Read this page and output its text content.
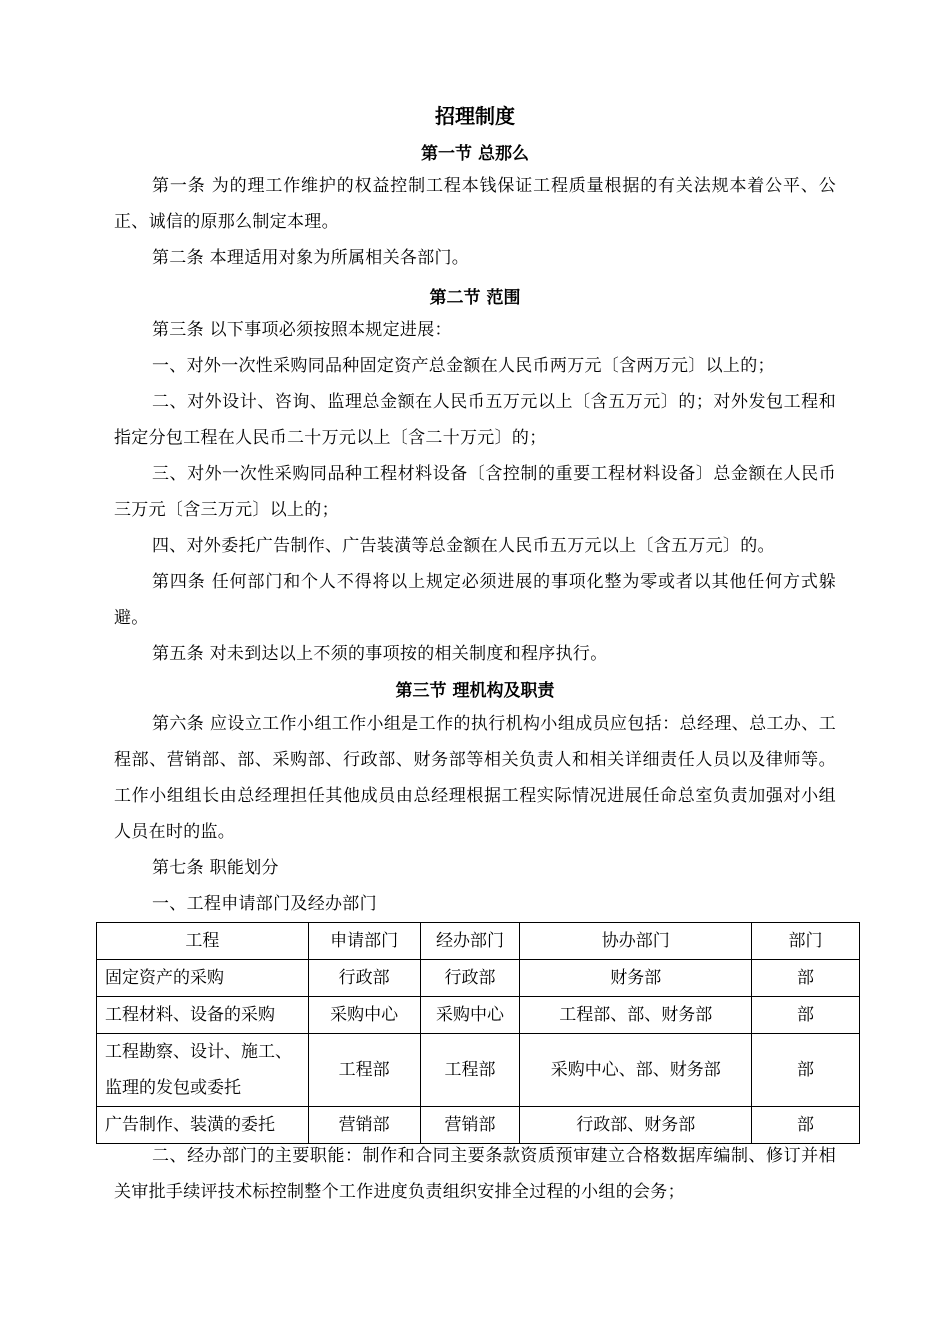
招理制度
第一节 总那么
第一条 为的理工作维护的权益控制工程本钱保证工程质量根据的有关法规本着公平、公正、诚信的原那么制定本理。
第二条 本理适用对象为所属相关各部门。
第二节 范围
第三条 以下事项必须按照本规定进展：
一、对外一次性采购同品种固定资产总金额在人民币两万元〔含两万元〕以上的；
二、对外设计、咨询、监理总金额在人民币五万元以上〔含五万元〕的；对外发包工程和指定分包工程在人民币二十万元以上〔含二十万元〕的；
三、对外一次性采购同品种工程材料设备〔含控制的重要工程材料设备〕总金额在人民币三万元〔含三万元〕以上的；
四、对外委托广告制作、广告装潢等总金额在人民币五万元以上〔含五万元〕的。
第四条 任何部门和个人不得将以上规定必须进展的事项化整为零或者以其他任何方式躲避。
第五条 对未到达以上不须的事项按的相关制度和程序执行。
第三节 理机构及职责
第六条 应设立工作小组工作小组是工作的执行机构小组成员应包括：总经理、总工办、工程部、营销部、部、采购部、行政部、财务部等相关负责人和相关详细责任人员以及律师等。工作小组组长由总经理担任其他成员由总经理根据工程实际情况进展任命总室负责加强对小组人员在时的监。
第七条 职能划分
一、工程申请部门及经办部门
工程	申请部门	经办部门	协办部门	部门
固定资产的采购	行政部	行政部	财务部	部
工程材料、设备的采购	采购中心	采购中心	工程部、部、财务部	部
工程勘察、设计、施工、监理的发包或委托	工程部	工程部	采购中心、部、财务部	部
广告制作、装潢的委托	营销部	营销部	行政部、财务部	部
二、经办部门的主要职能：制作和合同主要条款资质预审建立合格数据库编制、修订并相关审批手续评技术标控制整个工作进度负责组织安排全过程的小组的会务；
